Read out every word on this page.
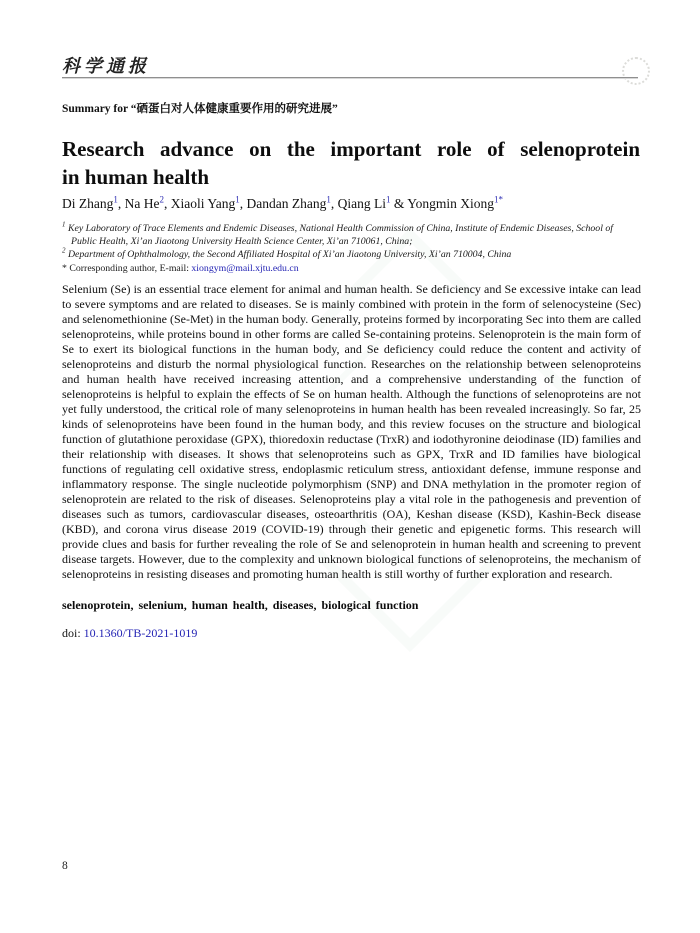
科学通报
Summary for “硒蛋白对人体健康重要作用的研究进展”
Research advance on the important role of selenoprotein
in human health
Di Zhang$^1$, Na He$^2$, Xiaoli Yang$^1$, Dandan Zhang$^1$, Qiang Li$^1$ & Yongmin Xiong$^{1*}$
$^1$ Key Laboratory of Trace Elements and Endemic Diseases, National Health Commission of China, Institute of Endemic Diseases, School of Public Health, Xi’an Jiaotong University Health Science Center, Xi’an 710061, China;
$^2$ Department of Ophthalmology, the Second Affiliated Hospital of Xi’an Jiaotong University, Xi’an 710004, China
* Corresponding author, E-mail: xiongym@mail.xjtu.edu.cn

Selenium (Se) is an essential trace element for animal and human health. Se deficiency and Se excessive intake can lead to severe symptoms and are related to diseases. Se is mainly combined with protein in the form of selenocysteine (Sec) and selenomethionine (Se-Met) in the human body. Generally, proteins formed by incorporating Sec into them are called selenoproteins, while proteins bound in other forms are called Se-containing proteins. Selenoprotein is the main form of Se to exert its biological functions in the human body, and Se deficiency could reduce the content and activity of selenoproteins and disturb the normal physiological function. Researches on the relationship between selenoproteins and human health have received increasing attention, and a comprehensive understanding of the function of selenoproteins is helpful to explain the effects of Se on human health. Although the functions of selenoproteins are not yet fully understood, the critical role of many selenoproteins in human health has been revealed increasingly. So far, 25 kinds of selenoproteins have been found in the human body, and this review focuses on the structure and biological function of glutathione peroxidase (GPX), thioredoxin reductase (TrxR) and iodothyronine deiodinase (ID) families and their relationship with diseases. It shows that selenoproteins such as GPX, TrxR and ID families have biological functions of regulating cell oxidative stress, endoplasmic reticulum stress, antioxidant defense, immune response and inflammatory response. The single nucleotide polymorphism (SNP) and DNA methylation in the promoter region of selenoprotein are related to the risk of diseases. Selenoproteins play a vital role in the pathogenesis and prevention of diseases such as tumors, cardiovascular diseases, osteoarthritis (OA), Keshan disease (KSD), Kashin-Beck disease (KBD), and corona virus disease 2019 (COVID-19) through their genetic and epigenetic forms. This research will provide clues and basis for further revealing the role of Se and selenoprotein in human health and screening to prevent disease targets. However, due to the complexity and unknown biological functions of selenoproteins, the mechanism of selenoproteins in resisting diseases and promoting human health is still worthy of further exploration and research.

selenoprotein, selenium, human health, diseases, biological function
doi: 10.1360/TB-2021-1019
8
